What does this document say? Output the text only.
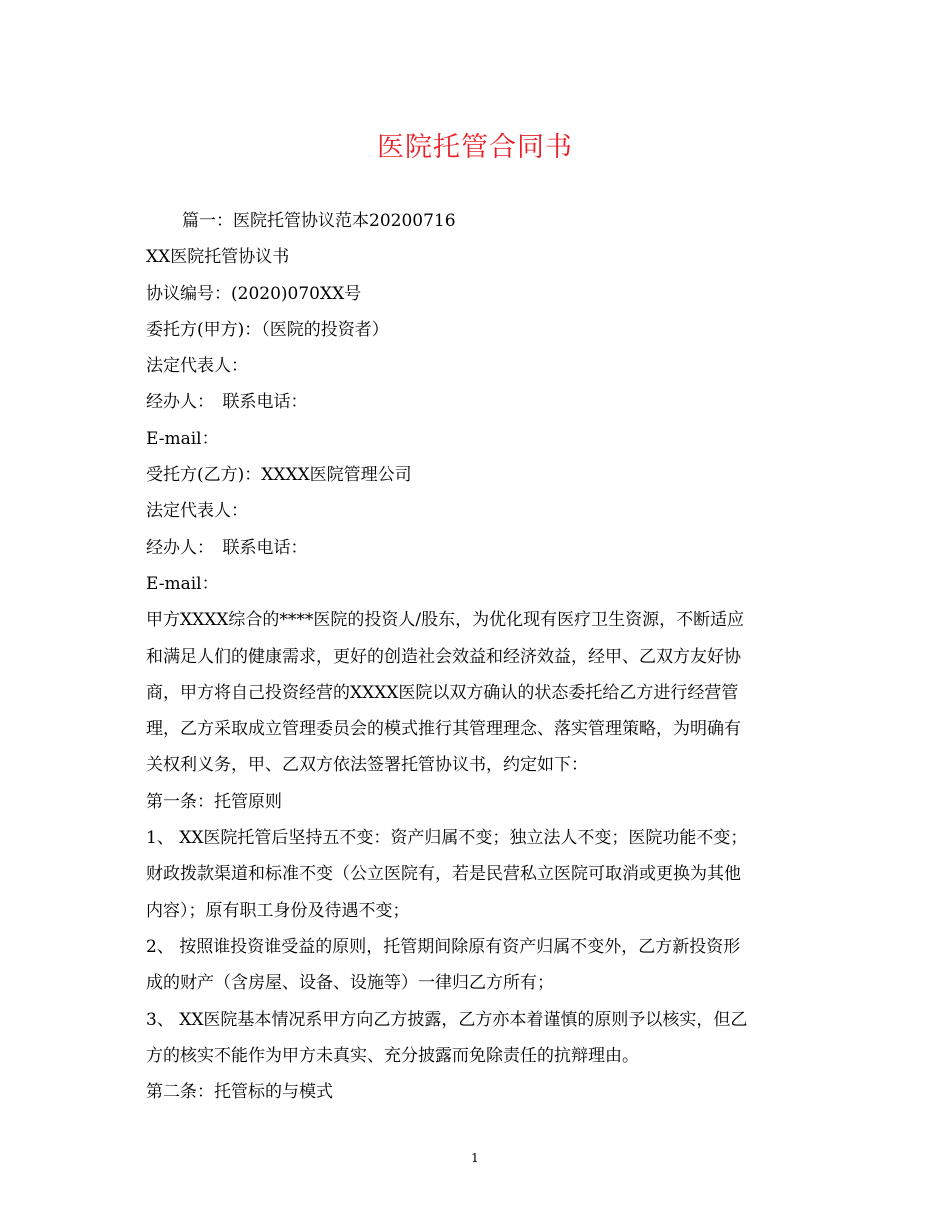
医院托管合同书

篇一：医院托管协议范本20200716

XX医院托管协议书

协议编号：(2020)070XX号

委托方(甲方)：（医院的投资者）

法定代表人：

经办人：　联系电话：

E-mail：

受托方(乙方)：XXXX医院管理公司

法定代表人：

经办人：　联系电话：

E-mail：

甲方XXXX综合的****医院的投资人/股东，为优化现有医疗卫生资源，不断适应

和满足人们的健康需求，更好的创造社会效益和经济效益，经甲、乙双方友好协

商，甲方将自己投资经营的XXXX医院以双方确认的状态委托给乙方进行经营管

理，乙方采取成立管理委员会的模式推行其管理理念、落实管理策略，为明确有

关权利义务，甲、乙双方依法签署托管协议书，约定如下：

第一条：托管原则

1、 XX医院托管后坚持五不变：资产归属不变；独立法人不变；医院功能不变；

财政拨款渠道和标准不变（公立医院有，若是民营私立医院可取消或更换为其他

内容）；原有职工身份及待遇不变；

2、 按照谁投资谁受益的原则，托管期间除原有资产归属不变外，乙方新投资形

成的财产（含房屋、设备、设施等）一律归乙方所有；

3、 XX医院基本情况系甲方向乙方披露，乙方亦本着谨慎的原则予以核实，但乙

方的核实不能作为甲方未真实、充分披露而免除责任的抗辩理由。

第二条：托管标的与模式

1
